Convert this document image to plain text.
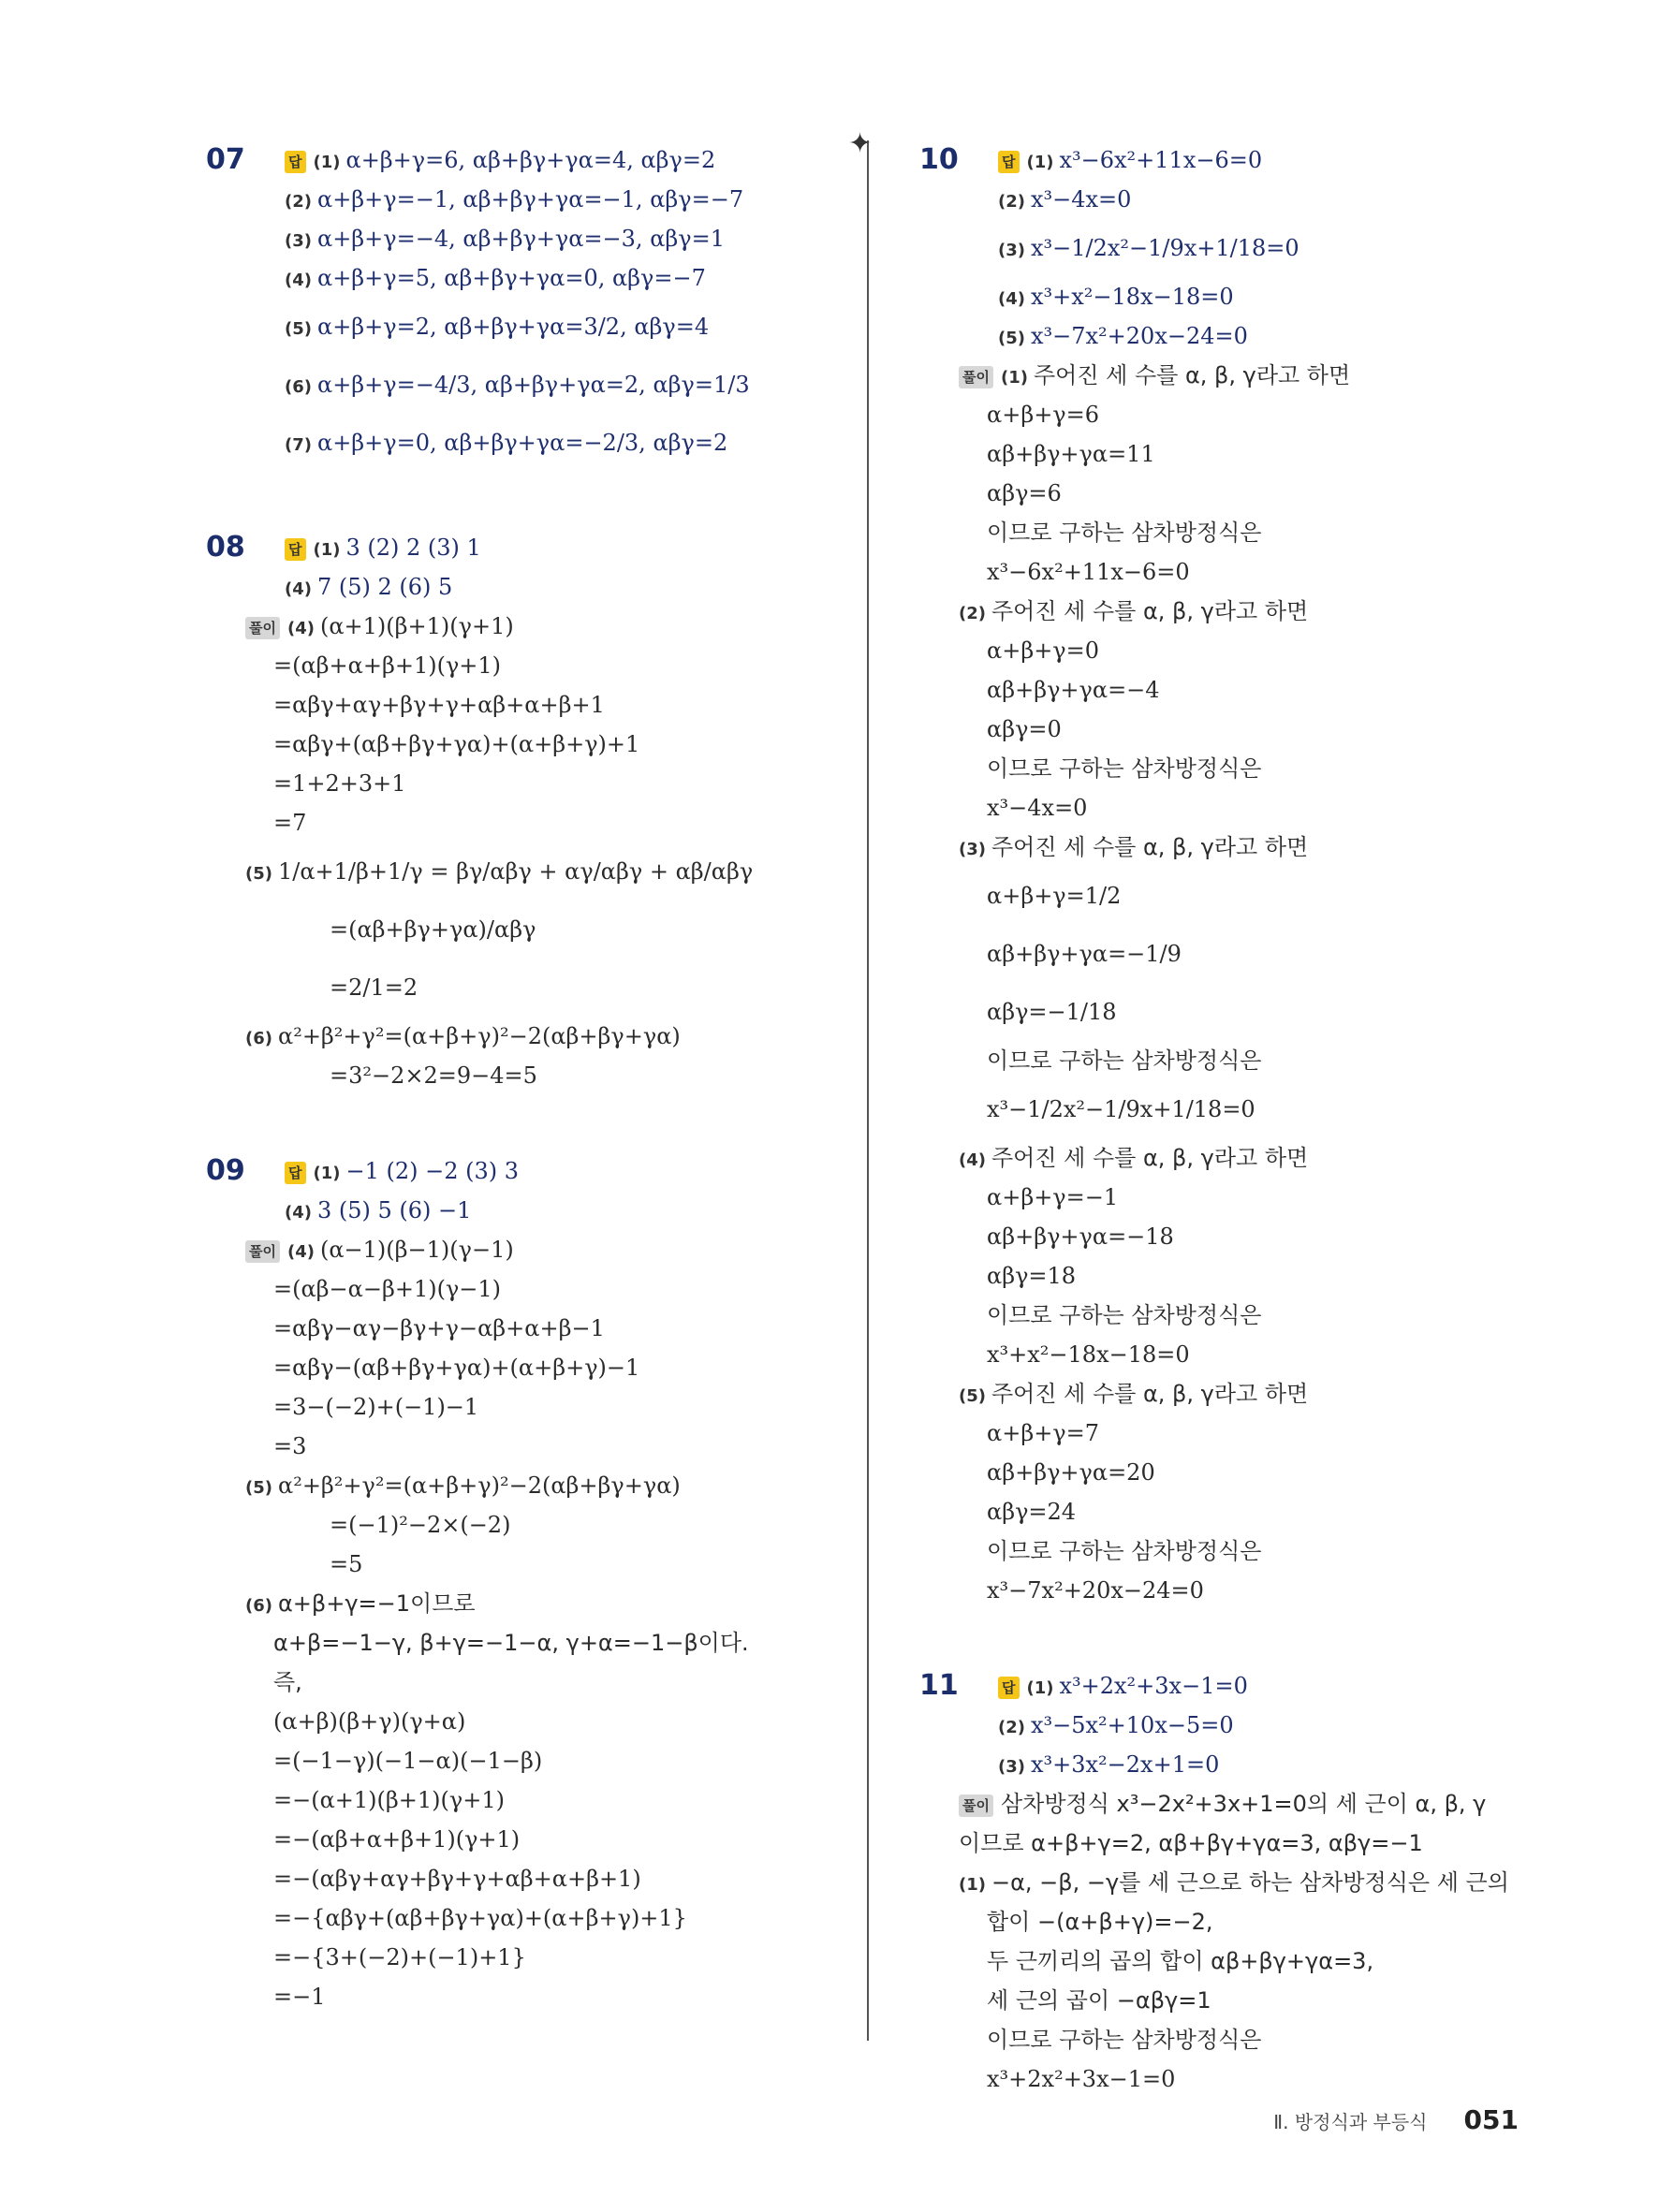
✦
07	답 (1) α+β+γ=6, αβ+βγ+γα=4, αβγ=2
(2) α+β+γ=−1, αβ+βγ+γα=−1, αβγ=−7
(3) α+β+γ=−4, αβ+βγ+γα=−3, αβγ=1
(4) α+β+γ=5, αβ+βγ+γα=0, αβγ=−7
(5) α+β+γ=2, αβ+βγ+γα=3/2, αβγ=4
(6) α+β+γ=−4/3, αβ+βγ+γα=2, αβγ=1/3
(7) α+β+γ=0, αβ+βγ+γα=−2/3, αβγ=2
08	답 (1) 3 (2) 2 (3) 1
(4) 7 (5) 2 (6) 5
풀이 (4) (α+1)(β+1)(γ+1)
=(αβ+α+β+1)(γ+1)
=αβγ+αγ+βγ+γ+αβ+α+β+1
=αβγ+(αβ+βγ+γα)+(α+β+γ)+1
=1+2+3+1
=7
(5) 1/α+1/β+1/γ = βγ/αβγ + αγ/αβγ + αβ/αβγ
=(αβ+βγ+γα)/αβγ
=2/1=2
(6) α²+β²+γ²=(α+β+γ)²−2(αβ+βγ+γα)
=3²−2×2=9−4=5
09	답 (1) −1 (2) −2 (3) 3
(4) 3 (5) 5 (6) −1
풀이 (4) (α−1)(β−1)(γ−1)
=(αβ−α−β+1)(γ−1)
=αβγ−αγ−βγ+γ−αβ+α+β−1
=αβγ−(αβ+βγ+γα)+(α+β+γ)−1
=3−(−2)+(−1)−1
=3
(5) α²+β²+γ²=(α+β+γ)²−2(αβ+βγ+γα)
=(−1)²−2×(−2)
=5
(6) α+β+γ=−1이므로
α+β=−1−γ, β+γ=−1−α, γ+α=−1−β이다.
즉,
(α+β)(β+γ)(γ+α)
=(−1−γ)(−1−α)(−1−β)
=−(α+1)(β+1)(γ+1)
=−(αβ+α+β+1)(γ+1)
=−(αβγ+αγ+βγ+γ+αβ+α+β+1)
=−{αβγ+(αβ+βγ+γα)+(α+β+γ)+1}
=−{3+(−2)+(−1)+1}
=−1
10	답 (1) x³−6x²+11x−6=0
(2) x³−4x=0
(3) x³−1/2x²−1/9x+1/18=0
(4) x³+x²−18x−18=0
(5) x³−7x²+20x−24=0
풀이 (1) 주어진 세 수를 α, β, γ라고 하면
α+β+γ=6
αβ+βγ+γα=11
αβγ=6
이므로 구하는 삼차방정식은
x³−6x²+11x−6=0
(2) 주어진 세 수를 α, β, γ라고 하면
α+β+γ=0
αβ+βγ+γα=−4
αβγ=0
이므로 구하는 삼차방정식은
x³−4x=0
(3) 주어진 세 수를 α, β, γ라고 하면
α+β+γ=1/2
αβ+βγ+γα=−1/9
αβγ=−1/18
이므로 구하는 삼차방정식은
x³−1/2x²−1/9x+1/18=0
(4) 주어진 세 수를 α, β, γ라고 하면
α+β+γ=−1
αβ+βγ+γα=−18
αβγ=18
이므로 구하는 삼차방정식은
x³+x²−18x−18=0
(5) 주어진 세 수를 α, β, γ라고 하면
α+β+γ=7
αβ+βγ+γα=20
αβγ=24
이므로 구하는 삼차방정식은
x³−7x²+20x−24=0
11	답 (1) x³+2x²+3x−1=0
(2) x³−5x²+10x−5=0
(3) x³+3x²−2x+1=0
풀이 삼차방정식 x³−2x²+3x+1=0의 세 근이 α, β, γ
이므로 α+β+γ=2, αβ+βγ+γα=3, αβγ=−1
(1) −α, −β, −γ를 세 근으로 하는 삼차방정식은 세 근의
합이 −(α+β+γ)=−2,
두 근끼리의 곱의 합이 αβ+βγ+γα=3,
세 근의 곱이 −αβγ=1
이므로 구하는 삼차방정식은
x³+2x²+3x−1=0
Ⅱ. 방정식과 부등식 051
